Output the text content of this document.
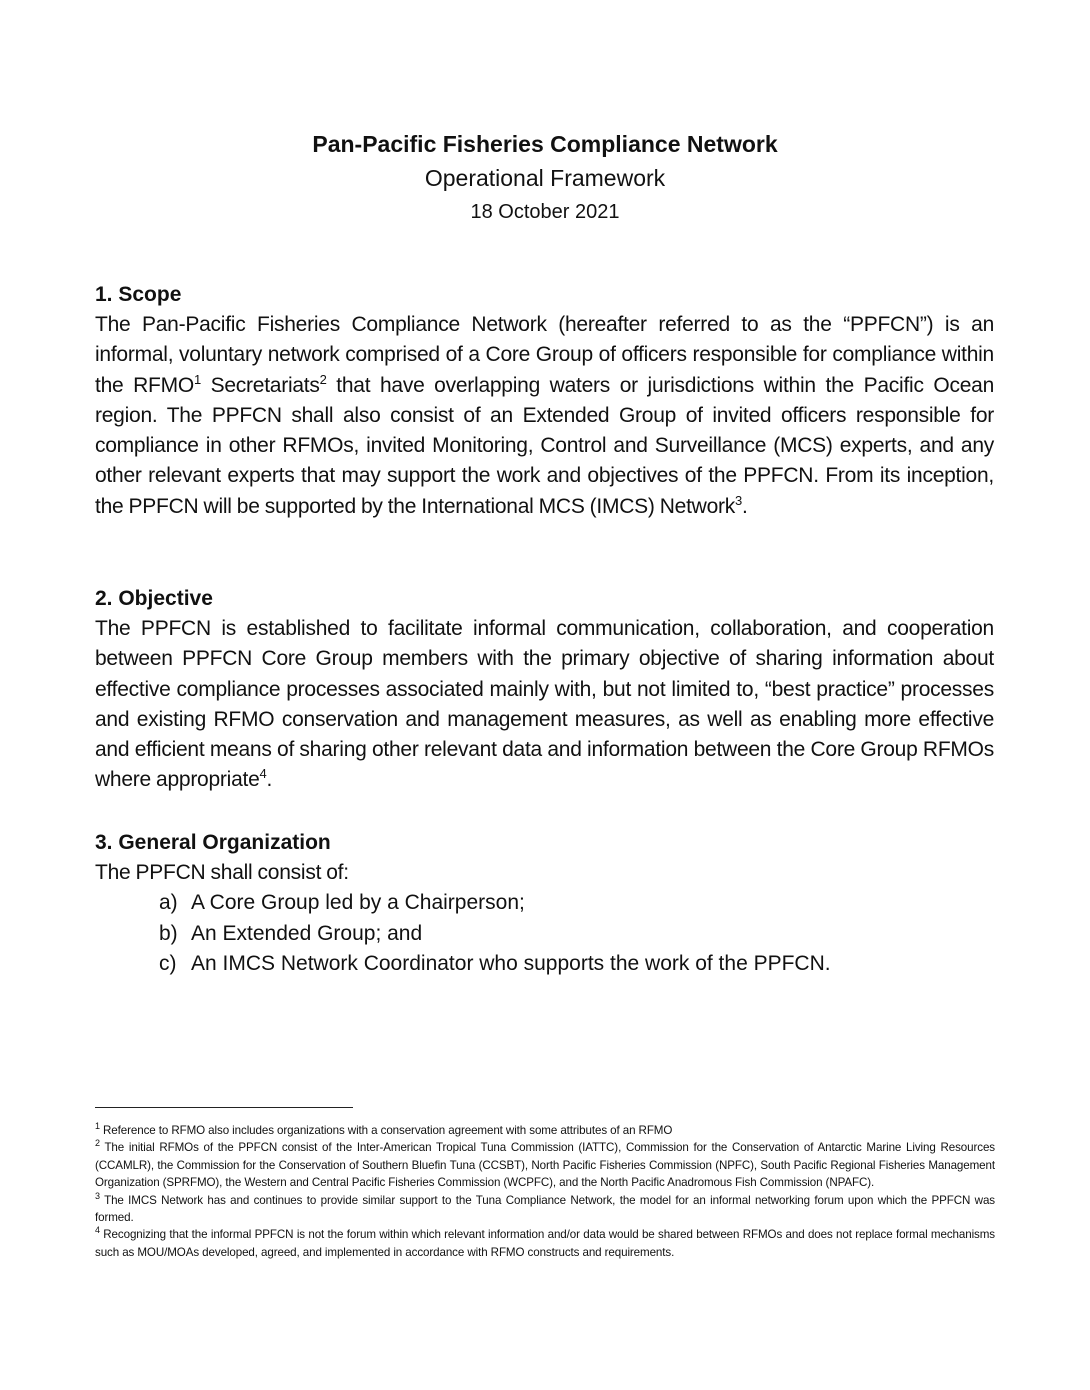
Pan-Pacific Fisheries Compliance Network

Operational Framework

18 October 2021

1. Scope

The Pan-Pacific Fisheries Compliance Network (hereafter referred to as the “PPFCN”) is an informal, voluntary network comprised of a Core Group of officers responsible for compliance within the RFMO$^1$ Secretariats$^2$ that have overlapping waters or jurisdictions within the Pacific Ocean region. The PPFCN shall also consist of an Extended Group of invited officers responsible for compliance in other RFMOs, invited Monitoring, Control and Surveillance (MCS) experts, and any other relevant experts that may support the work and objectives of the PPFCN. From its inception, the PPFCN will be supported by the International MCS (IMCS) Network$^3$.

2. Objective

The PPFCN is established to facilitate informal communication, collaboration, and cooperation between PPFCN Core Group members with the primary objective of sharing information about effective compliance processes associated mainly with, but not limited to, “best practice” processes and existing RFMO conservation and management measures, as well as enabling more effective and efficient means of sharing other relevant data and information between the Core Group RFMOs where appropriate$^4$.

3. General Organization

The PPFCN shall consist of:

a) A Core Group led by a Chairperson;
b) An Extended Group; and
c) An IMCS Network Coordinator who supports the work of the PPFCN.

$^1$ Reference to RFMO also includes organizations with a conservation agreement with some attributes of an RFMO

$^2$ The initial RFMOs of the PPFCN consist of the Inter-American Tropical Tuna Commission (IATTC), Commission for the Conservation of Antarctic Marine Living Resources (CCAMLR), the Commission for the Conservation of Southern Bluefin Tuna (CCSBT), North Pacific Fisheries Commission (NPFC), South Pacific Regional Fisheries Management Organization (SPRFMO), the Western and Central Pacific Fisheries Commission (WCPFC), and the North Pacific Anadromous Fish Commission (NPAFC).

$^3$ The IMCS Network has and continues to provide similar support to the Tuna Compliance Network, the model for an informal networking forum upon which the PPFCN was formed.

$^4$ Recognizing that the informal PPFCN is not the forum within which relevant information and/or data would be shared between RFMOs and does not replace formal mechanisms such as MOU/MOAs developed, agreed, and implemented in accordance with RFMO constructs and requirements.
